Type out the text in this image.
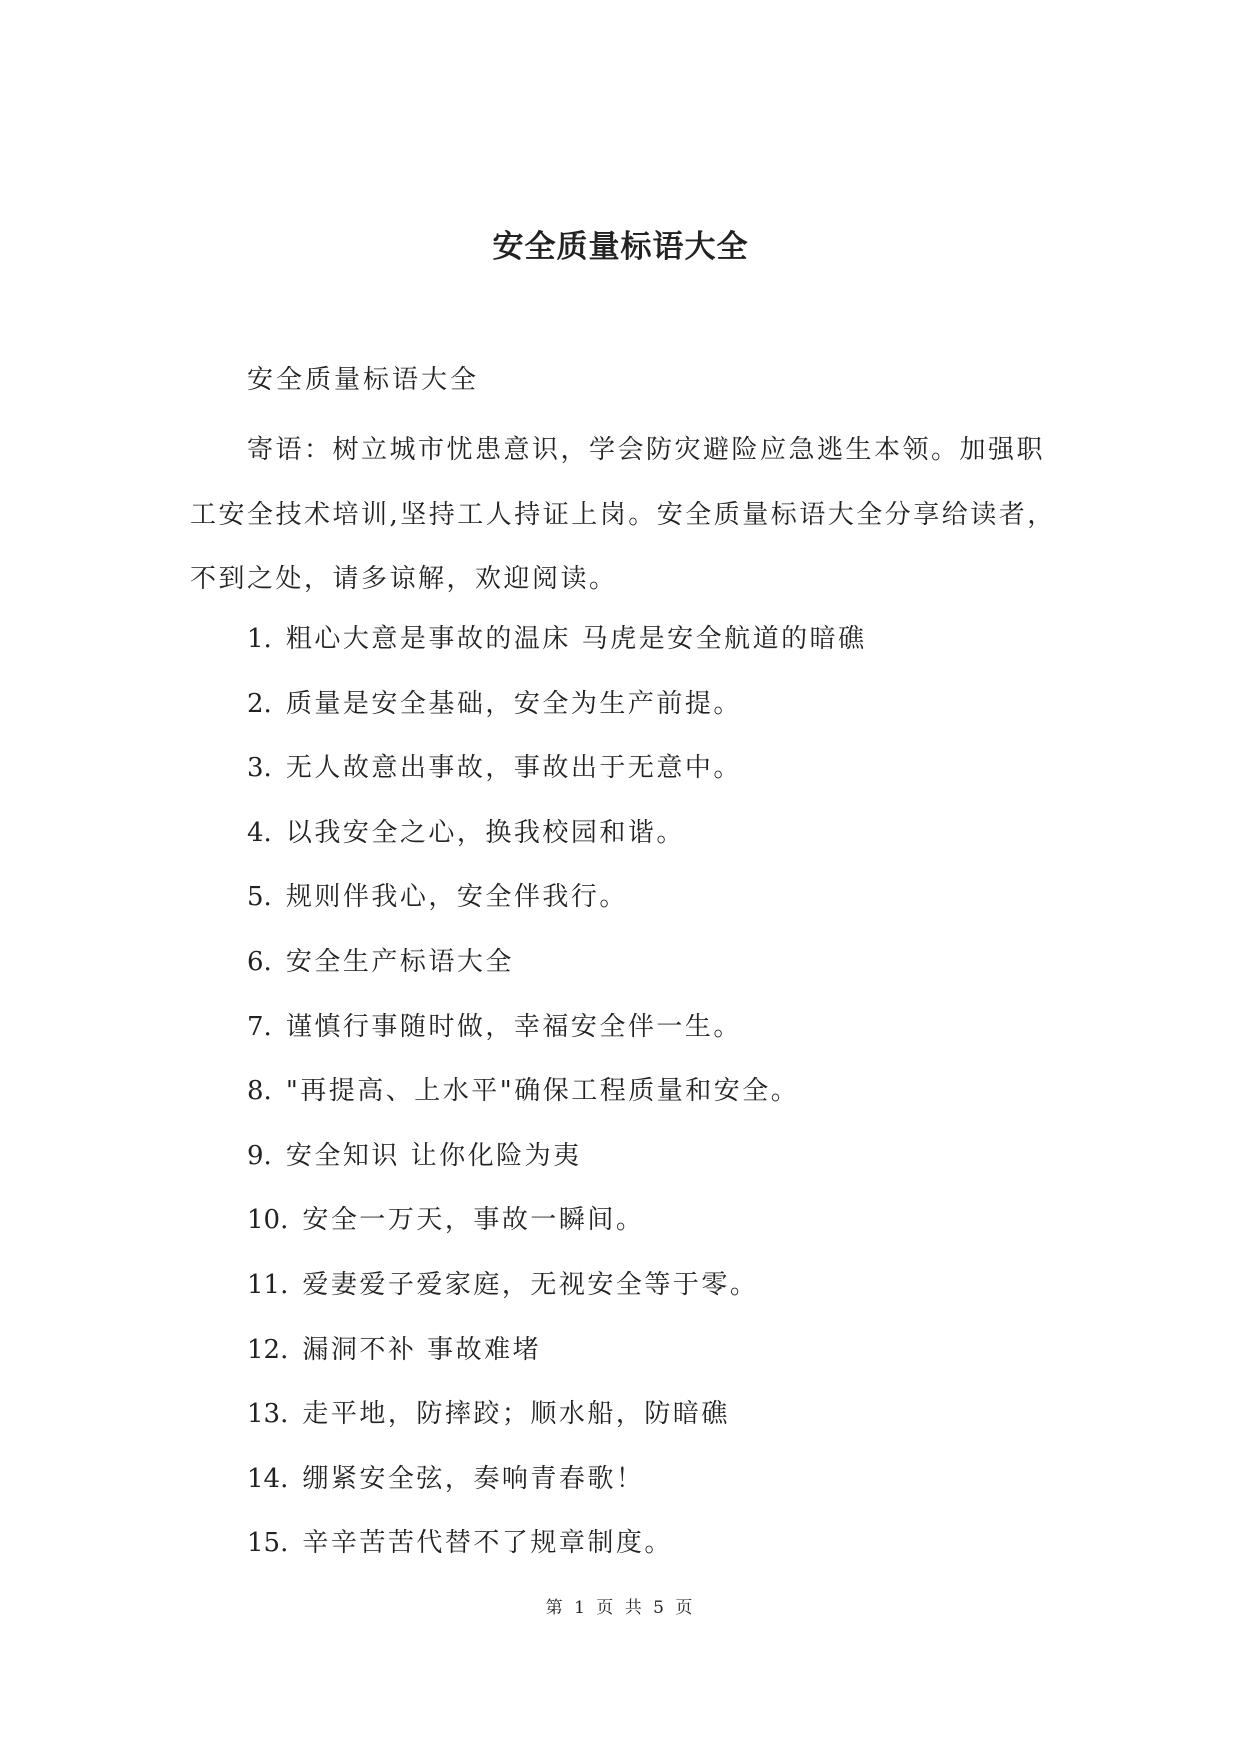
安全质量标语大全
安全质量标语大全
寄语：树立城市忧患意识，学会防灾避险应急逃生本领。加强职
工安全技术培训,坚持工人持证上岗。安全质量标语大全分享给读者，
不到之处，请多谅解，欢迎阅读。
1. 粗心大意是事故的温床 马虎是安全航道的暗礁
2. 质量是安全基础，安全为生产前提。
3. 无人故意出事故，事故出于无意中。
4. 以我安全之心，换我校园和谐。
5. 规则伴我心，安全伴我行。
6. 安全生产标语大全
7. 谨慎行事随时做，幸福安全伴一生。
8. "再提高、上水平"确保工程质量和安全。
9. 安全知识 让你化险为夷
10. 安全一万天，事故一瞬间。
11. 爱妻爱子爱家庭，无视安全等于零。
12. 漏洞不补 事故难堵
13. 走平地，防摔跤；顺水船，防暗礁
14. 绷紧安全弦，奏响青春歌！
15. 辛辛苦苦代替不了规章制度。
第 1 页 共 5 页
